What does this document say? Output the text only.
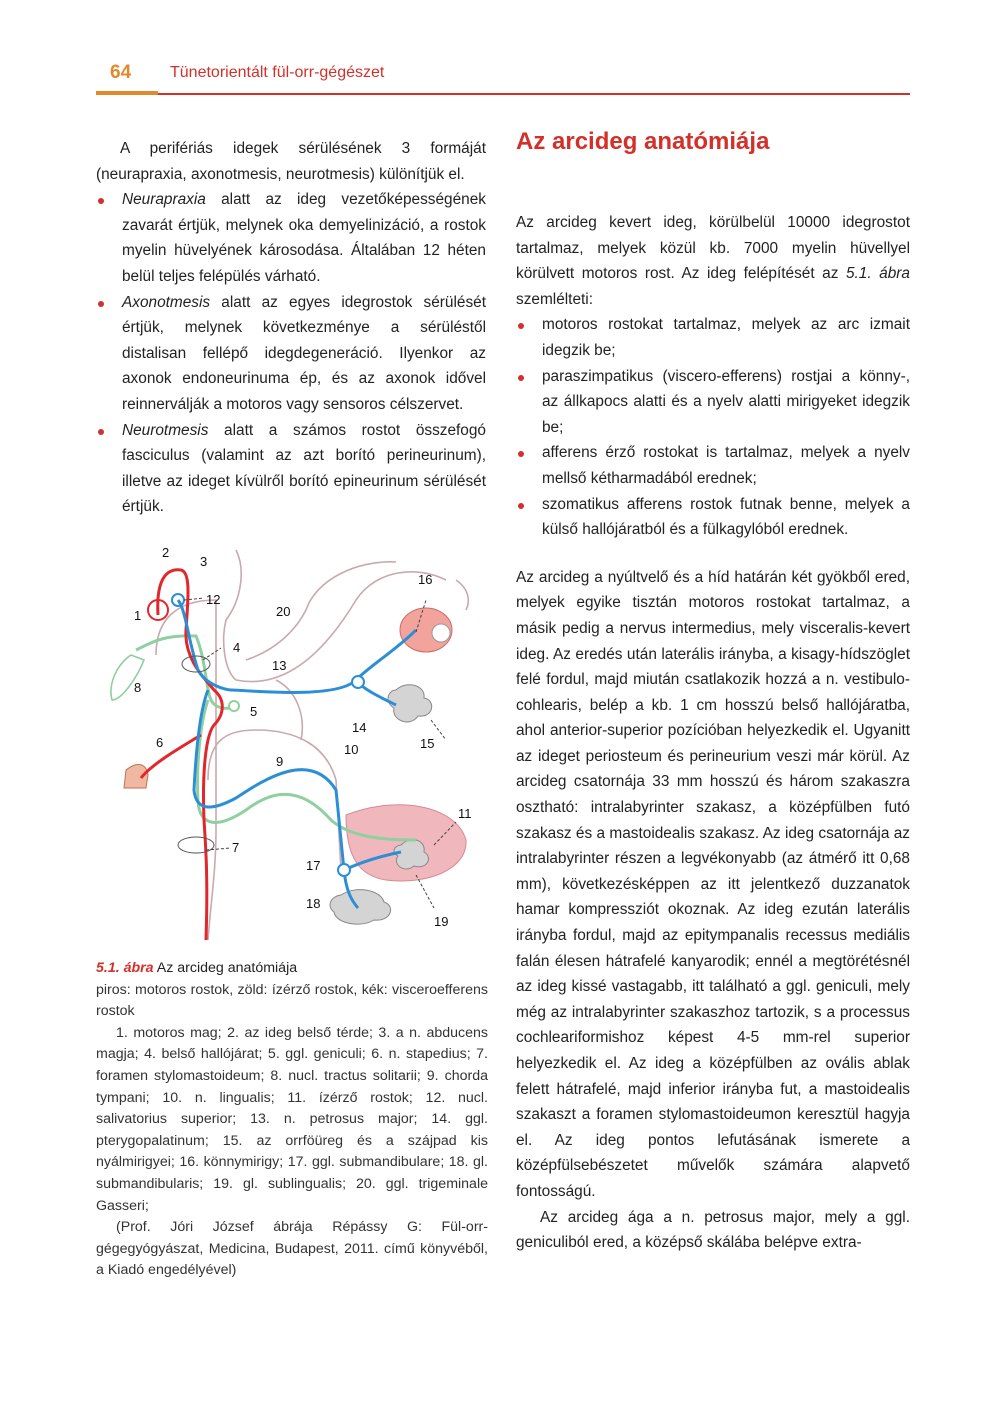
64 Tünetorientált fül-orr-gégészet

A perifériás idegek sérülésének 3 formáját (neurapraxia, axonotmesis, neurotmesis) különítjük el.

Neurapraxia alatt az ideg vezetőképességének zavarát értjük, melynek oka demyelinizáció, a rostok myelin hüvelyének károsodása. Általában 12 héten belül teljes felépülés várható.
Axonotmesis alatt az egyes idegrostok sérülését értjük, melynek következménye a sérüléstől distalisan fellépő idegdegeneráció. Ilyenkor az axonok endoneurinuma ép, és az axonok idővel reinnerválják a motoros vagy sensoros célszervet.
Neurotmesis alatt a számos rostot összefogó fasciculus (valamint az azt borító perineurinum), illetve az ideget kívülről borító epineurinum sérülését értjük.
1
2
3
4
5
6
7
8
9
10
11
12
13
14
15
16
17
18
19
20

5.1. ábra Az arcideg anatómiája

piros: motoros rostok, zöld: ízérző rostok, kék: visceroefferens rostok

1. motoros mag; 2. az ideg belső térde; 3. a n. abducens magja; 4. belső hallójárat; 5. ggl. geniculi; 6. n. stapedius; 7. foramen stylomastoideum; 8. nucl. tractus solitarii; 9. chorda tympani; 10. n. lingualis; 11. ízérző rostok; 12. nucl. salivatorius superior; 13. n. petrosus major; 14. ggl. pterygopalatinum; 15. az orrföüreg és a szájpad kis nyálmirigyei; 16. könnymirigy; 17. ggl. submandibulare; 18. gl. submandibularis; 19. gl. sublingualis; 20. ggl. trigeminale Gasseri;

(Prof. Jóri József ábrája Répássy G: Fül-orr-gégegyógyászat, Medicina, Budapest, 2011. című könyvéből, a Kiadó engedélyével)

Az arcideg anatómiája

Az arcideg kevert ideg, körülbelül 10000 idegrostot tartalmaz, melyek közül kb. 7000 myelin hüvellyel körülvett motoros rost. Az ideg felépítését az 5.1. ábra szemlélteti:

motoros rostokat tartalmaz, melyek az arc izmait idegzik be;
paraszimpatikus (viscero-efferens) rostjai a könny-, az állkapocs alatti és a nyelv alatti mirigyeket idegzik be;
afferens érző rostokat is tartalmaz, melyek a nyelv mellső kétharmadából erednek;
szomatikus afferens rostok futnak benne, melyek a külső hallójáratból és a fülkagylóból erednek.

Az arcideg a nyúltvelő és a híd határán két gyökből ered, melyek egyike tisztán motoros rostokat tartalmaz, a másik pedig a nervus intermedius, mely visceralis-kevert ideg. Az eredés után laterális irányba, a kisagy-hídszöglet felé fordul, majd miután csatlakozik hozzá a n. vestibulo-cohlearis, belép a kb. 1 cm hosszú belső hallójáratba, ahol anterior-superior pozícióban helyezkedik el. Ugyanitt az ideget periosteum és perineurium veszi már körül. Az arcideg csatornája 33 mm hosszú és három szakaszra osztható: intralabyrinter szakasz, a középfülben futó szakasz és a mastoidealis szakasz. Az ideg csatornája az intralabyrinter részen a legvékonyabb (az átmérő itt 0,68 mm), következésképpen az itt jelentkező duzzanatok hamar kompressziót okoznak. Az ideg ezután laterális irányba fordul, majd az epitympanalis recessus mediális falán élesen hátrafelé kanyarodik; ennél a megtörétésnél az ideg kissé vastagabb, itt található a ggl. geniculi, mely még az intralabyrinter szakaszhoz tartozik, s a processus cochleariformishoz képest 4-5 mm-rel superior helyezkedik el. Az ideg a középfülben az ovális ablak felett hátrafelé, majd inferior irányba fut, a mastoidealis szakaszt a foramen stylomastoideumon keresztül hagyja el. Az ideg pontos lefutásának ismerete a középfülsebészetet művelők számára alapvető fontosságú.

Az arcideg ága a n. petrosus major, mely a ggl. geniculiból ered, a középső skálába belépve extra-
